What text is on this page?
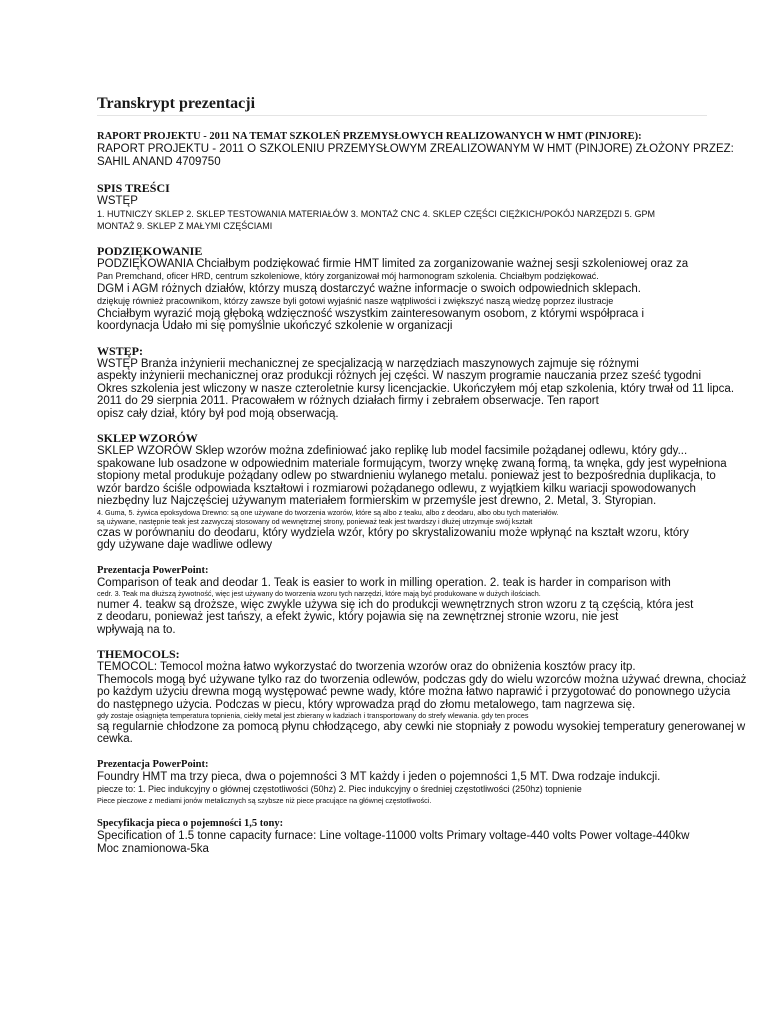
Transkrypt prezentacji
RAPORT PROJEKTU - 2011 NA TEMAT SZKOLEŃ PRZEMYSŁOWYCH REALIZOWANYCH W HMT (PINJORE):
RAPORT PROJEKTU - 2011 O SZKOLENIU PRZEMYSŁOWYM ZREALIZOWANYM W HMT (PINJORE) ZŁOŻONY PRZEZ:
SAHIL ANAND 4709750
SPIS TREŚCI
WSTĘP
1. HUTNICZY SKLEP 2. SKLEP TESTOWANIA MATERIAŁÓW 3. MONTAŻ CNC 4. SKLEP CZĘŚCI CIĘŻKICH/POKÓJ NARZĘDZI 5. GPM
MONTAŻ 9. SKLEP Z MAŁYMI CZĘŚCIAMI
PODZIĘKOWANIE
PODZIĘKOWANIA Chciałbym podziękować firmie HMT limited za zorganizowanie ważnej sesji szkoleniowej oraz za
Pan Premchand, oficer HRD, centrum szkoleniowe, który zorganizował mój harmonogram szkolenia. Chciałbym podziękować.
DGM i AGM różnych działów, którzy muszą dostarczyć ważne informacje o swoich odpowiednich sklepach.
dziękuję również pracownikom, którzy zawsze byli gotowi wyjaśnić nasze wątpliwości i zwiększyć naszą wiedzę poprzez ilustracje
Chciałbym wyrazić moją głęboką wdzięczność wszystkim zainteresowanym osobom, z którymi współpraca i
koordynacja Udało mi się pomyślnie ukończyć szkolenie w organizacji
WSTĘP:
WSTĘP Branża inżynierii mechanicznej ze specjalizacją w narzędziach maszynowych zajmuje się różnymi
aspekty inżynierii mechanicznej oraz produkcji różnych jej części. W naszym programie nauczania przez sześć tygodni
Okres szkolenia jest wliczony w nasze czteroletnie kursy licencjackie. Ukończyłem mój etap szkolenia, który trwał od 11 lipca.
2011 do 29 sierpnia 2011. Pracowałem w różnych działach firmy i zebrałem obserwacje. Ten raport
opisz cały dział, który był pod moją obserwacją.
SKLEP WZORÓW
SKLEP WZORÓW Sklep wzorów można zdefiniować jako replikę lub model facsimile pożądanej odlewu, który gdy...
spakowane lub osadzone w odpowiednim materiale formującym, tworzy wnękę zwaną formą, ta wnęka, gdy jest wypełniona
stopiony metal produkuje pożądany odlew po stwardnieniu wylanego metalu. ponieważ jest to bezpośrednia duplikacja, to
wzór bardzo ściśle odpowiada kształtowi i rozmiarowi pożądanego odlewu, z wyjątkiem kilku wariacji spowodowanych
niezbędny luz Najczęściej używanym materiałem formierskim w przemyśle jest drewno, 2. Metal, 3. Styropian.
4. Guma, 5. żywica epoksydowa Drewno: są one używane do tworzenia wzorów, które są albo z teaku, albo z deodaru, albo obu tych materiałów.
są używane, następnie teak jest zazwyczaj stosowany od wewnętrznej strony, ponieważ teak jest twardszy i dłużej utrzymuje swój kształt
czas w porównaniu do deodaru, który wydziela wzór, który po skrystalizowaniu może wpłynąć na kształt wzoru, który
gdy używane daje wadliwe odlewy
Prezentacja PowerPoint:
Comparison of teak and deodar 1. Teak is easier to work in milling operation. 2. teak is harder in comparison with
cedr. 3. Teak ma dłuższą żywotność, więc jest używany do tworzenia wzoru tych narzędzi, które mają być produkowane w dużych ilościach.
numer 4. teakw są droższe, więc zwykle używa się ich do produkcji wewnętrznych stron wzoru z tą częścią, która jest
z deodaru, ponieważ jest tańszy, a efekt żywic, który pojawia się na zewnętrznej stronie wzoru, nie jest
wpływają na to.
THEMOCOLS:
TEMOCOL: Temocol można łatwo wykorzystać do tworzenia wzorów oraz do obniżenia kosztów pracy itp.
Themocols mogą być używane tylko raz do tworzenia odlewów, podczas gdy do wielu wzorców można używać drewna, chociaż
po każdym użyciu drewna mogą występować pewne wady, które można łatwo naprawić i przygotować do ponownego użycia
do następnego użycia. Podczas w piecu, który wprowadza prąd do złomu metalowego, tam nagrzewa się.
gdy zostaje osiągnięta temperatura topnienia, ciekły metal jest zbierany w kadziach i transportowany do strefy wlewania. gdy ten proces
są regularnie chłodzone za pomocą płynu chłodzącego, aby cewki nie stopniały z powodu wysokiej temperatury generowanej w
cewka.
Prezentacja PowerPoint:
Foundry HMT ma trzy pieca, dwa o pojemności 3 MT każdy i jeden o pojemności 1,5 MT. Dwa rodzaje indukcji.
piecze to: 1. Piec indukcyjny o głównej częstotliwości (50hz) 2. Piec indukcyjny o średniej częstotliwości (250hz) topnienie
Piece pieczowe z mediami jonów metalicznych są szybsze niż piece pracujące na głównej częstotliwości.
Specyfikacja pieca o pojemności 1,5 tony:
Specification of 1.5 tonne capacity furnace: Line voltage-11000 volts Primary voltage-440 volts Power voltage-440kw
Moc znamionowa-5ka
